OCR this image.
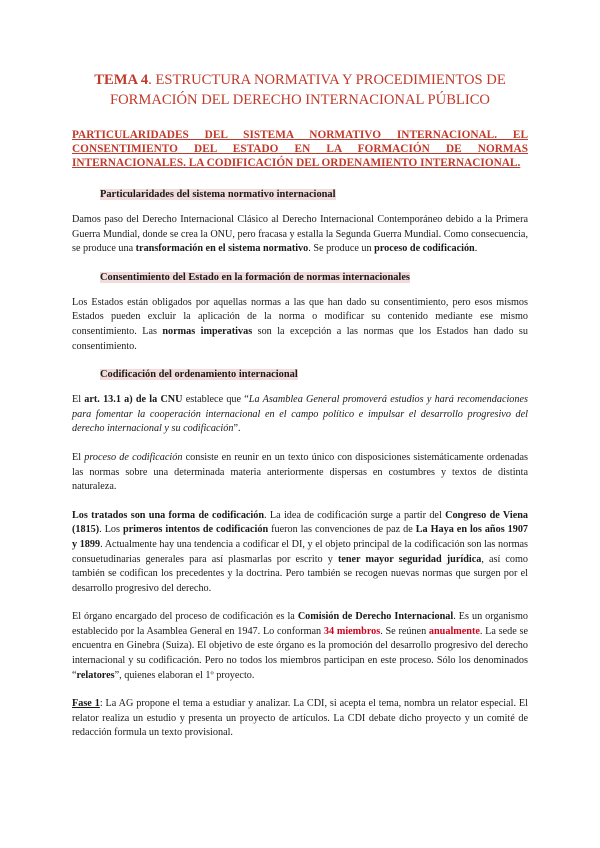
TEMA 4. ESTRUCTURA NORMATIVA Y PROCEDIMIENTOS DE FORMACIÓN DEL DERECHO INTERNACIONAL PÚBLICO
PARTICULARIDADES DEL SISTEMA NORMATIVO INTERNACIONAL. EL CONSENTIMIENTO DEL ESTADO EN LA FORMACIÓN DE NORMAS INTERNACIONALES. LA CODIFICACIÓN DEL ORDENAMIENTO INTERNACIONAL.
Particularidades del sistema normativo internacional

Damos paso del Derecho Internacional Clásico al Derecho Internacional Contemporáneo debido a la Primera Guerra Mundial, donde se crea la ONU, pero fracasa y estalla la Segunda Guerra Mundial. Como consecuencia, se produce una transformación en el sistema normativo. Se produce un proceso de codificación.

Consentimiento del Estado en la formación de normas internacionales

Los Estados están obligados por aquellas normas a las que han dado su consentimiento, pero esos mismos Estados pueden excluir la aplicación de la norma o modificar su contenido mediante ese mismo consentimiento. Las normas imperativas son la excepción a las normas que los Estados han dado su consentimiento.

Codificación del ordenamiento internacional

El art. 13.1 a) de la CNU establece que “La Asamblea General promoverá estudios y hará recomendaciones para fomentar la cooperación internacional en el campo político e impulsar el desarrollo progresivo del derecho internacional y su codificación”.

El proceso de codificación consiste en reunir en un texto único con disposiciones sistemáticamente ordenadas las normas sobre una determinada materia anteriormente dispersas en costumbres y textos de distinta naturaleza.

Los tratados son una forma de codificación. La idea de codificación surge a partir del Congreso de Viena (1815). Los primeros intentos de codificación fueron las convenciones de paz de La Haya en los años 1907 y 1899. Actualmente hay una tendencia a codificar el DI, y el objeto principal de la codificación son las normas consuetudinarias generales para así plasmarlas por escrito y tener mayor seguridad jurídica, así como también se codifican los precedentes y la doctrina. Pero también se recogen nuevas normas que surgen por el desarrollo progresivo del derecho.

El órgano encargado del proceso de codificación es la Comisión de Derecho Internacional. Es un organismo establecido por la Asamblea General en 1947. Lo conforman 34 miembros. Se reúnen anualmente. La sede se encuentra en Ginebra (Suiza). El objetivo de este órgano es la promoción del desarrollo progresivo del derecho internacional y su codificación. Pero no todos los miembros participan en este proceso. Sólo los denominados “relatores”, quienes elaboran el 1º proyecto.

Fase 1: La AG propone el tema a estudiar y analizar. La CDI, si acepta el tema, nombra un relator especial. El relator realiza un estudio y presenta un proyecto de artículos. La CDI debate dicho proyecto y un comité de redacción formula un texto provisional.
